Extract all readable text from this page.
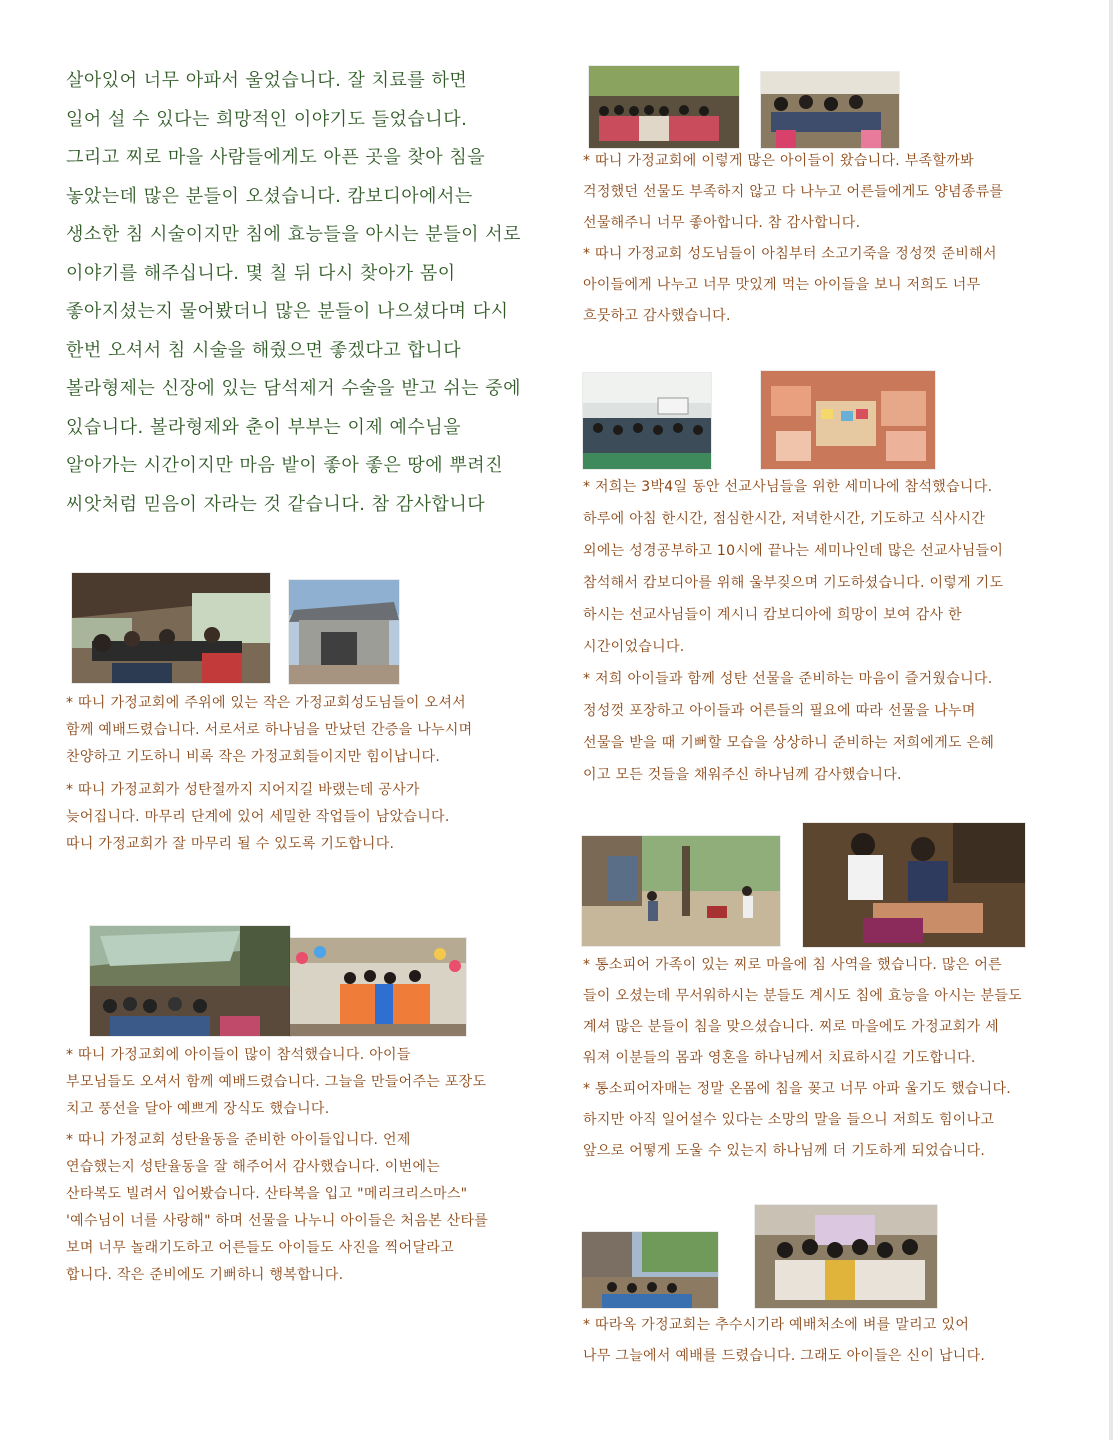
살아있어 너무 아파서 울었습니다. 잘 치료를 하면

일어 설 수 있다는 희망적인 이야기도 들었습니다.

그리고 찌로 마을 사람들에게도 아픈 곳을 찾아 침을

놓았는데 많은 분들이 오셨습니다. 캄보디아에서는

생소한 침 시술이지만 침에 효능들을 아시는 분들이 서로

이야기를 해주십니다. 몇 칠 뒤 다시 찾아가 몸이

좋아지셨는지 물어봤더니 많은 분들이 나으셨다며 다시

한번 오셔서 침 시술을 해줬으면 좋겠다고 합니다

볼라형제는 신장에 있는 담석제거 수술을 받고 쉬는 중에

있습니다. 볼라형제와 춘이 부부는 이제 예수님을

알아가는 시간이지만 마음 밭이 좋아 좋은 땅에 뿌려진

씨앗처럼 믿음이 자라는 것 같습니다. 참 감사합니다

* 따니 가정교회에 주위에 있는 작은 가정교회성도님들이 오셔서

함께 예배드렸습니다. 서로서로 하나님을 만났던 간증을 나누시며

찬양하고 기도하니 비록 작은 가정교회들이지만 힘이납니다.

* 따니 가정교회가 성탄절까지 지어지길 바랬는데 공사가

늦어집니다. 마무리 단계에 있어 세밀한 작업들이 남았습니다.

따니 가정교회가 잘 마무리 될 수 있도록 기도합니다.

* 따니 가정교회에 아이들이 많이 참석했습니다. 아이들

부모님들도 오셔서 함께 예배드렸습니다. 그늘을 만들어주는 포장도

치고 풍선을 달아 예쁘게 장식도 했습니다.

* 따니 가정교회 성탄율동을 준비한 아이들입니다. 언제

연습했는지 성탄율동을 잘 해주어서 감사했습니다. 이번에는

산타복도 빌려서 입어봤습니다. 산타복을 입고 "메리크리스마스"

'예수님이 너를 사랑해" 하며 선물을 나누니 아이들은 처음본 산타를

보며 너무 놀래기도하고 어른들도 아이들도 사진을 찍어달라고

합니다. 작은 준비에도 기뻐하니 행복합니다.

* 따니 가정교회에 이렇게 많은 아이들이 왔습니다. 부족할까봐

걱정했던 선물도 부족하지 않고 다 나누고 어른들에게도 양념종류를

선물해주니 너무 좋아합니다. 참 감사합니다.

* 따니 가정교회 성도님들이 아침부터 소고기죽을 정성껏 준비해서

아이들에게 나누고 너무 맛있게 먹는 아이들을 보니 저희도 너무

흐뭇하고 감사했습니다.

* 저희는 3박4일 동안 선교사님들을 위한 세미나에 참석했습니다.

하루에 아침 한시간, 점심한시간, 저녁한시간, 기도하고 식사시간

외에는 성경공부하고 10시에 끝나는 세미나인데 많은 선교사님들이

참석해서 캄보디아를 위해 울부짖으며 기도하셨습니다. 이렇게 기도

하시는 선교사님들이 계시니 캄보디아에 희망이 보여 감사 한

시간이었습니다.

* 저희 아이들과 함께 성탄 선물을 준비하는 마음이 즐거웠습니다.

정성껏 포장하고 아이들과 어른들의 필요에 따라 선물을 나누며

선물을 받을 때 기뻐할 모습을 상상하니 준비하는 저희에게도 은혜

이고 모든 것들을 채워주신 하나님께 감사했습니다.

* 통소피어 가족이 있는 찌로 마을에 침 사역을 했습니다. 많은 어른

들이 오셨는데 무서워하시는 분들도 계시도 침에 효능을 아시는 분들도

계셔 많은 분들이 침을 맞으셨습니다. 찌로 마을에도 가정교회가 세

워져 이분들의 몸과 영혼을 하나님께서 치료하시길 기도합니다.

* 통소피어자매는 정말 온몸에 침을 꽂고 너무 아파 울기도 했습니다.

하지만 아직 일어설수 있다는 소망의 말을 들으니 저희도 힘이나고

앞으로 어떻게 도울 수 있는지 하나님께 더 기도하게 되었습니다.

* 따라옥 가정교회는 추수시기라 예배처소에 벼를 말리고 있어

나무 그늘에서 예배를 드렸습니다. 그래도 아이들은 신이 납니다.
